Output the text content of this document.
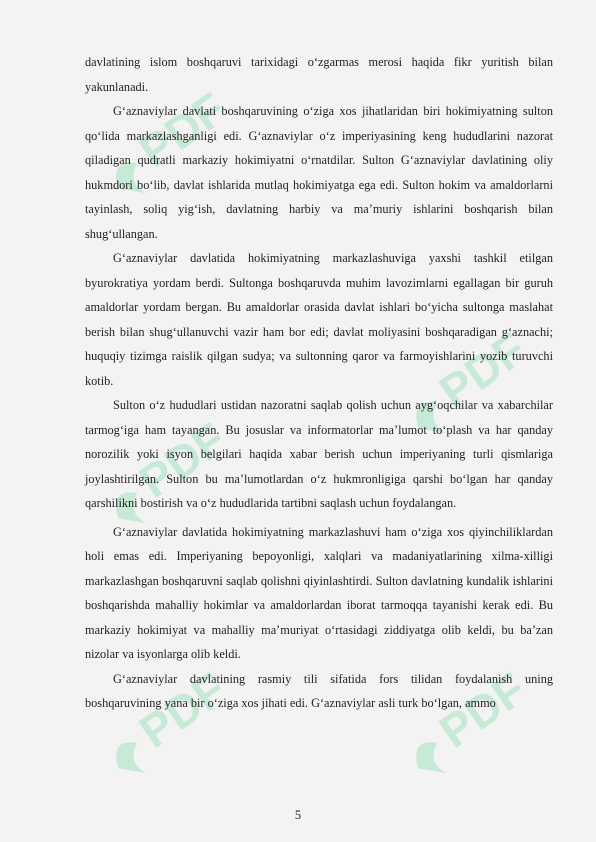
PDF
PDF
PDF
PDF	PDF

davlatining islom boshqaruvi tarixidagi o‘zgarmas merosi haqida fikr yuritish bilan yakunlanadi.

G‘aznaviylar davlati boshqaruvining o‘ziga xos jihatlaridan biri hokimiyatning sulton qo‘lida markazlashganligi edi. G‘aznaviylar o‘z imperiyasining keng hududlarini nazorat qiladigan qudratli markaziy hokimiyatni o‘rnatdilar. Sulton G‘aznaviylar davlatining oliy hukmdori bo‘lib, davlat ishlarida mutlaq hokimiyatga ega edi. Sulton hokim va amaldorlarni tayinlash, soliq yig‘ish, davlatning harbiy va ma’muriy ishlarini boshqarish bilan shug‘ullangan.

G‘aznaviylar davlatida hokimiyatning markazlashuviga yaxshi tashkil etilgan byurokratiya yordam berdi. Sultonga boshqaruvda muhim lavozimlarni egallagan bir guruh amaldorlar yordam bergan. Bu amaldorlar orasida davlat ishlari bo‘yicha sultonga maslahat berish bilan shug‘ullanuvchi vazir ham bor edi; davlat moliyasini boshqaradigan g‘aznachi; huquqiy tizimga raislik qilgan sudya; va sultonning qaror va farmoyishlarini yozib turuvchi kotib.

Sulton o‘z hududlari ustidan nazoratni saqlab qolish uchun ayg‘oqchilar va xabarchilar tarmog‘iga ham tayangan. Bu josuslar va informatorlar ma’lumot to‘plash va har qanday norozilik yoki isyon belgilari haqida xabar berish uchun imperiyaning turli qismlariga joylashtirilgan. Sulton bu ma’lumotlardan o‘z hukmronligiga qarshi bo‘lgan har qanday qarshilikni bostirish va o‘z hududlarida tartibni saqlash uchun foydalangan.

G‘aznaviylar davlatida hokimiyatning markazlashuvi ham o‘ziga xos qiyinchiliklardan holi emas edi. Imperiyaning bepoyonligi, xalqlari va madaniyatlarining xilma-xilligi markazlashgan boshqaruvni saqlab qolishni qiyinlashtirdi. Sulton davlatning kundalik ishlarini boshqarishda mahalliy hokimlar va amaldorlardan iborat tarmoqqa tayanishi kerak edi. Bu markaziy hokimiyat va mahalliy ma’muriyat o‘rtasidagi ziddiyatga olib keldi, bu ba’zan nizolar va isyonlarga olib keldi.

G‘aznaviylar davlatining rasmiy tili sifatida fors tilidan foydalanish uning boshqaruvining yana bir o‘ziga xos jihati edi. G‘aznaviylar asli turk bo‘lgan, ammo

5
